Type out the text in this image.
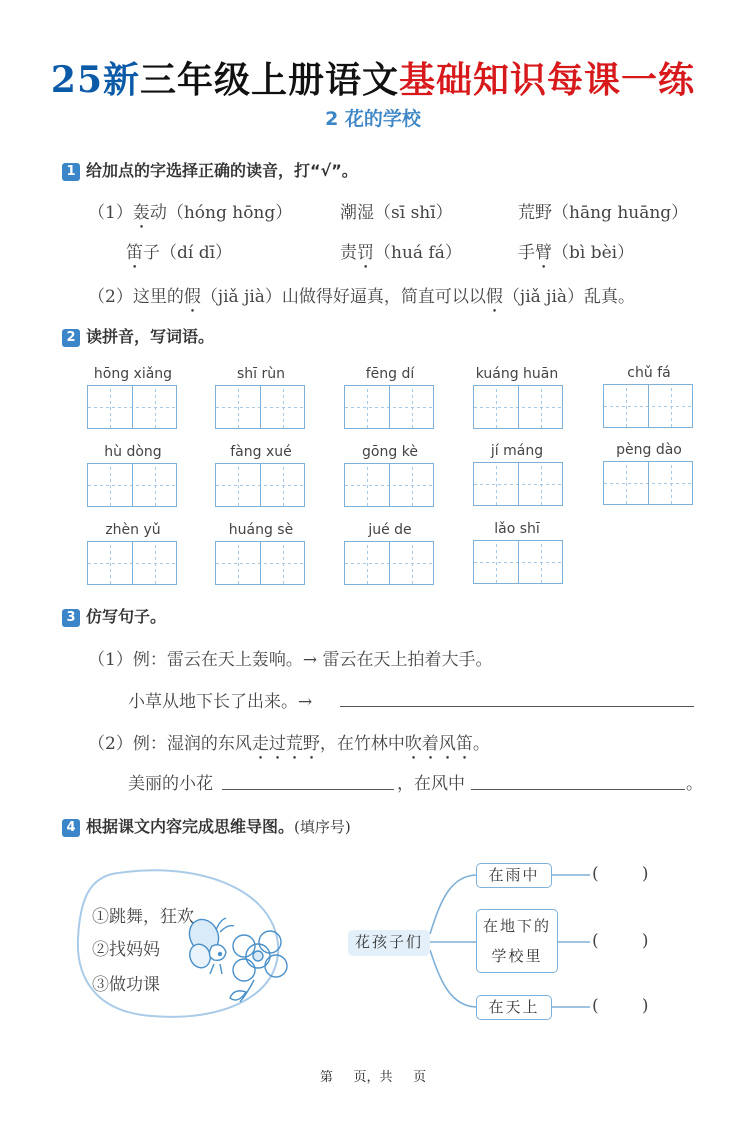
25新三年级上册语文基础知识每课一练
2 花的学校
1 给加点的字选择正确的读音，打“√”。
（1）轰动（hóng hōng）	潮湿（sī shī）	荒野（hāng huāng）
笛子（dí dī）	责罚（huá fá）	手臂（bì bèi）
（2）这里的假（jiǎ jià）山做得好逼真，简直可以以假（jiǎ jià）乱真。
2 读拼音，写词语。
hōng xiǎng	shī rùn	fēng dí	kuáng huān	chǔ fá
hù dòng	fàng xué	gōng kè	jí máng	pèng dào
zhèn yǔ	huáng sè	jué de	lǎo shī
3 仿写句子。
（1）例：雷云在天上轰响。→ 雷云在天上拍着大手。
小草从地下长了出来。→
（2）例：湿润的东风走过荒野，在竹林中吹着风笛。
美丽的小花	，在风中	。
4 根据课文内容完成思维导图。(填序号)
①跳舞，狂欢
②找妈妈
③做功课
花孩子们
在雨中
在地下的学校里
在天上
(        )
(        )
(        )
第     页，共     页
